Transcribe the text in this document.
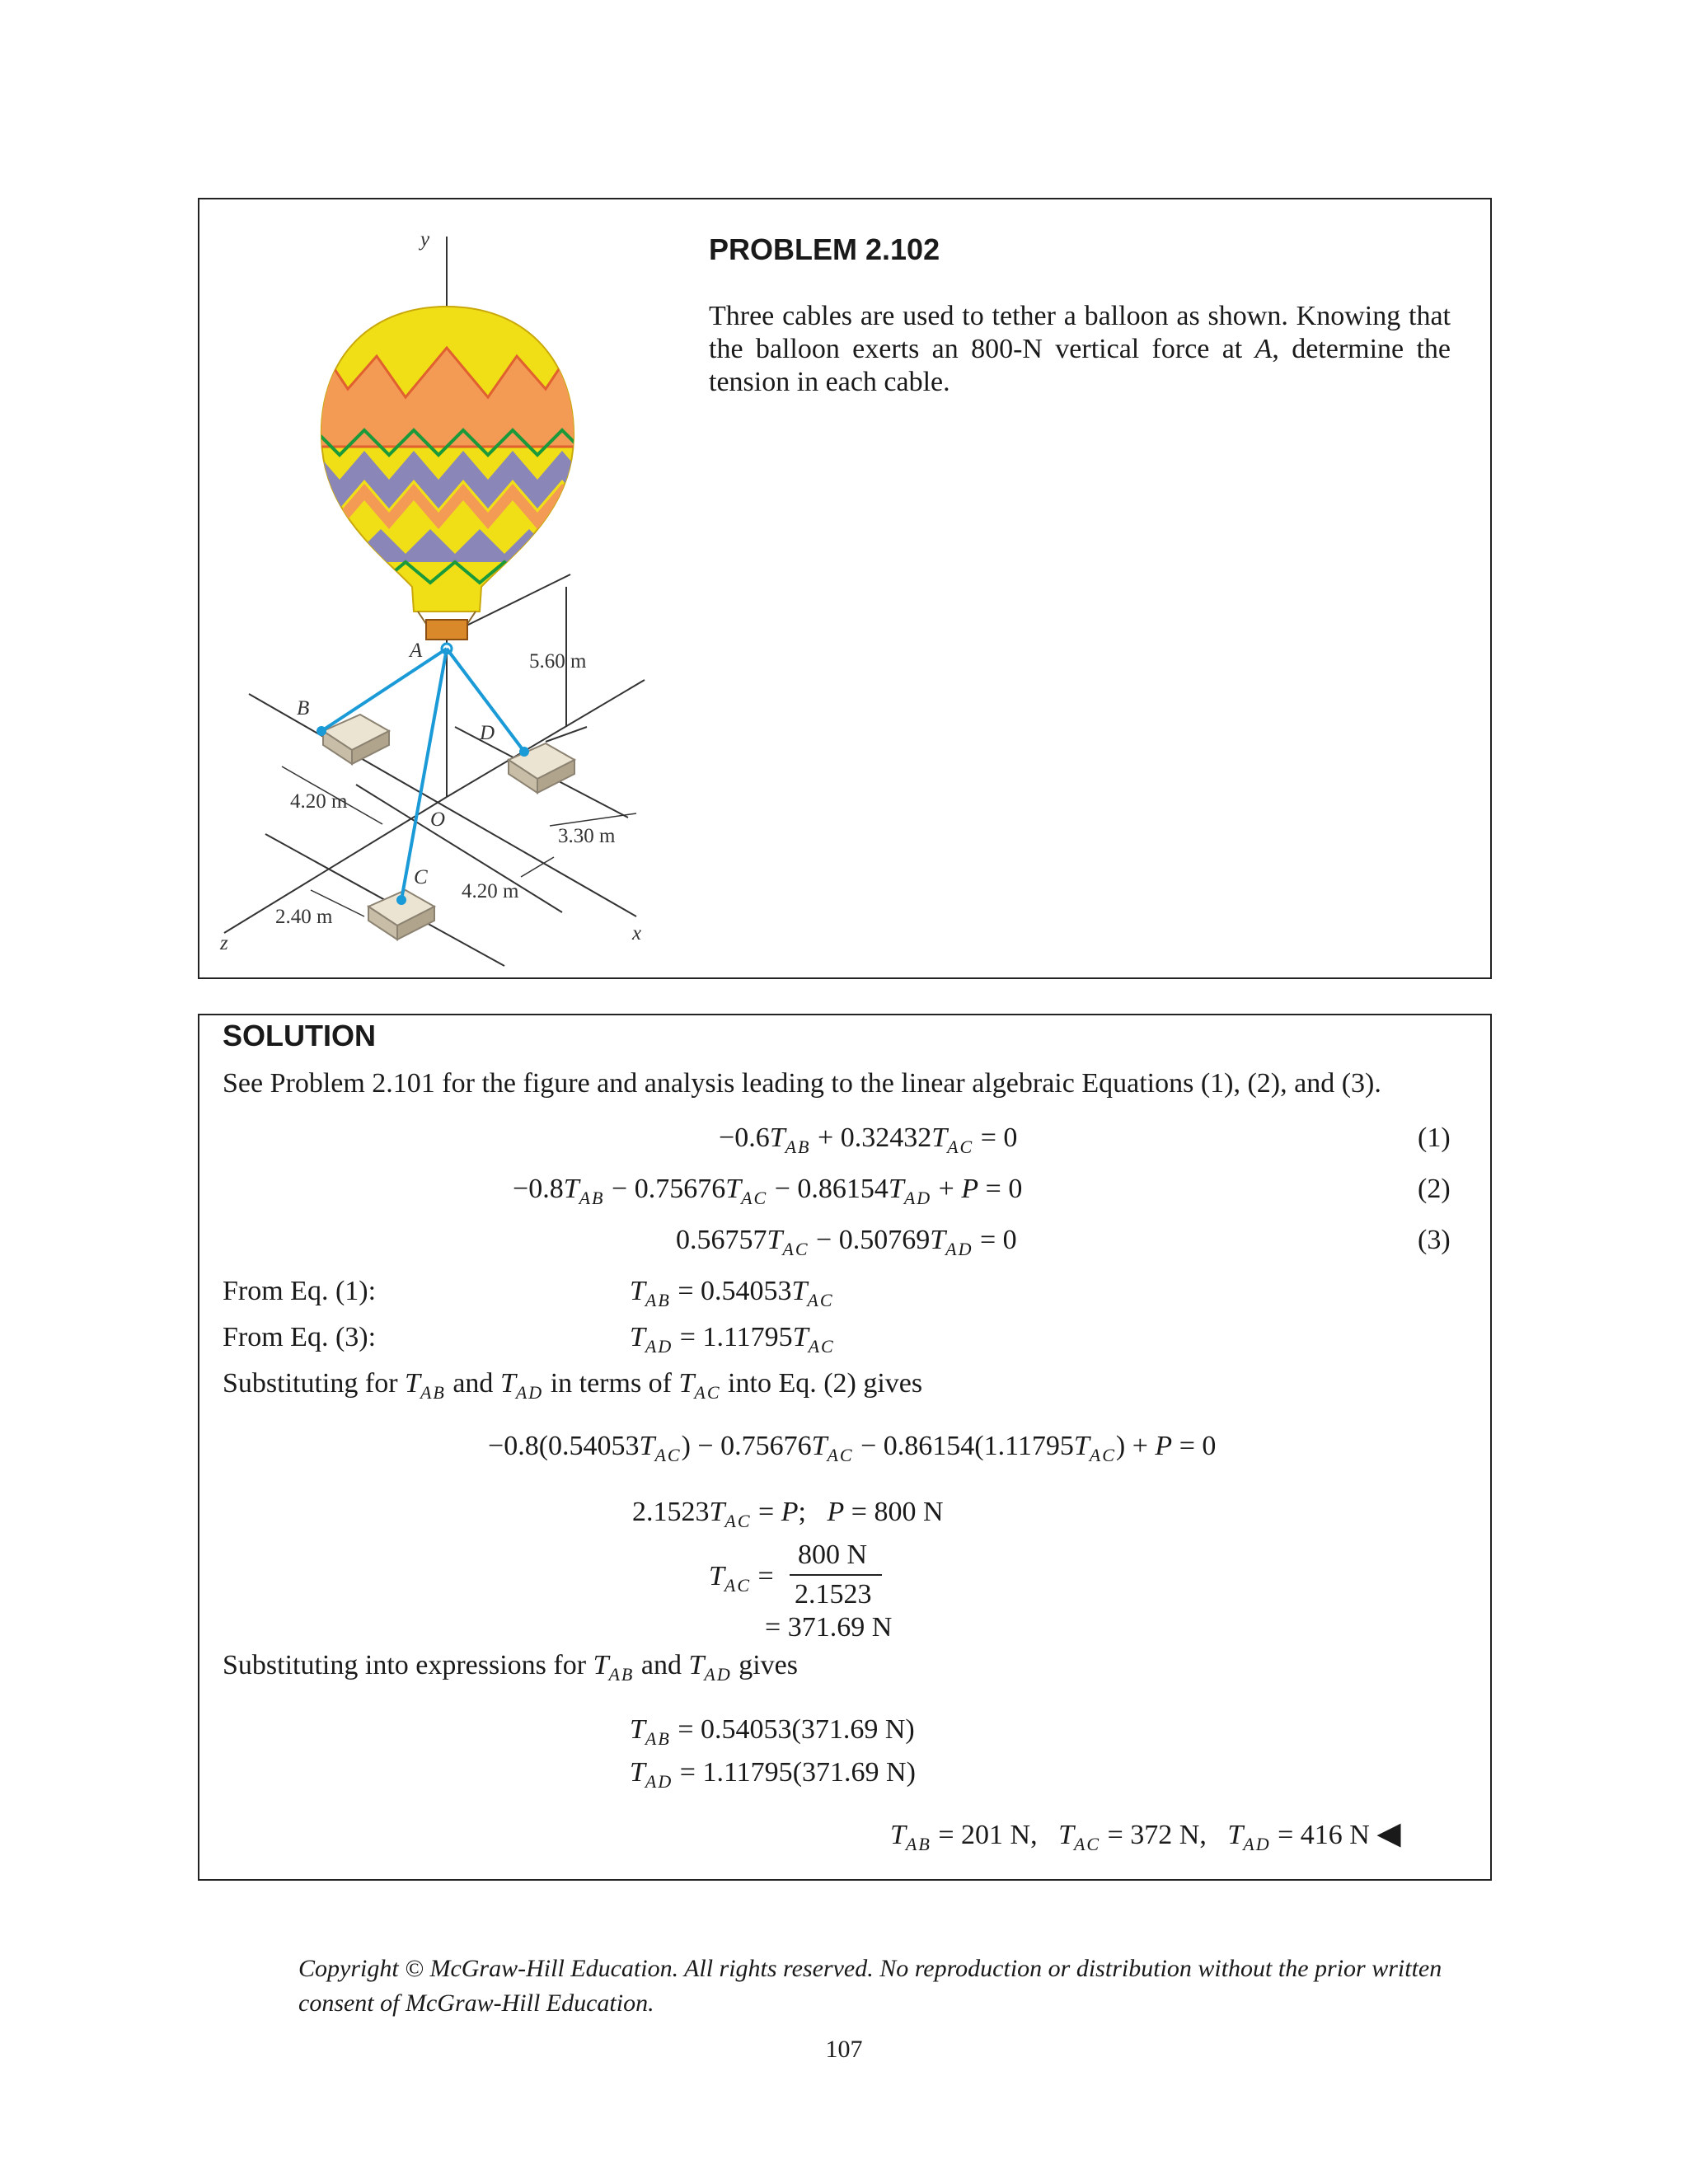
y
x
z
A
B
C
D
O
5.60 m
4.20 m
3.30 m
4.20 m
2.40 m
PROBLEM 2.102
Three cables are used to tether a balloon as shown. Knowing that the balloon exerts an 800-N vertical force at A, determine the tension in each cable.
SOLUTION
See Problem 2.101 for the figure and analysis leading to the linear algebraic Equations (1), (2), and (3).
$-0.6T_{AB} + 0.32432T_{AC} = 0$	(1)
$-0.8T_{AB} - 0.75676T_{AC} - 0.86154T_{AD} + P = 0$	(2)
$0.56757T_{AC} - 0.50769T_{AD} = 0$	(3)
From Eq. (1):	$T_{AB} = 0.54053T_{AC}$
From Eq. (3):	$T_{AD} = 1.11795T_{AC}$
Substituting for $T_{AB}$ and $T_{AD}$ in terms of $T_{AC}$ into Eq. (2) gives
$-0.8(0.54053T_{AC}) - 0.75676T_{AC} - 0.86154(1.11795T_{AC}) + P = 0$
$2.1523T_{AC} = P$;   P = 800 N
$T_{AC}$ =
800 N
2.1523
= 371.69 N
Substituting into expressions for $T_{AB}$ and $T_{AD}$ gives
$T_{AB} = 0.54053(371.69$ N)
$T_{AD} = 1.11795(371.69$ N)
$T_{AB} = 201$ N,   $T_{AC} = 372$ N,   $T_{AD} = 416$ N ◀
Copyright © McGraw-Hill Education. All rights reserved. No reproduction or distribution without the prior written consent of McGraw-Hill Education.
107
